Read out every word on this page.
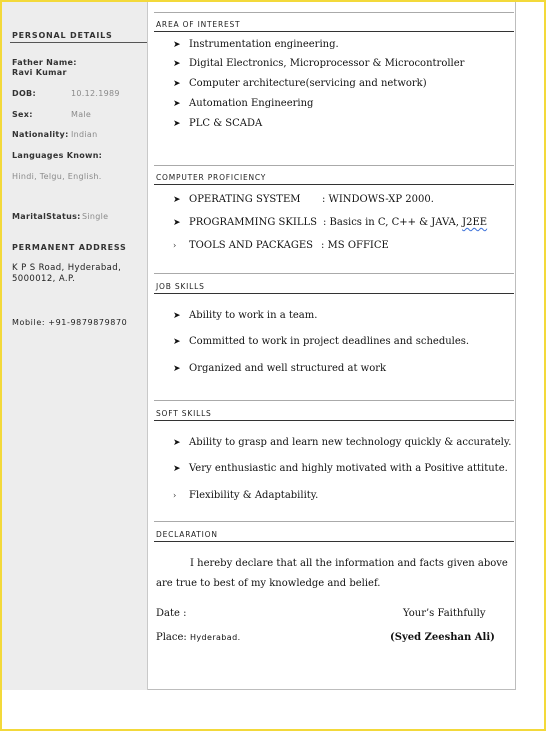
PERSONAL DETAILS
Father Name:
Ravi Kumar
DOB:	10.12.1989
Sex:	Male
Nationality: Indian
Languages Known:
Hindi, Telgu, English.
MaritalStatus: Single
PERMANENT ADDRESS
K P S Road, Hyderabad,
5000012, A.P.
Mobile: +91-9879879870
AREA OF INTEREST
➤ Instrumentation engineering.
➤ Digital Electronics, Microprocessor & Microcontroller
➤ Computer architecture(servicing and network)
➤ Automation Engineering
➤ PLC & SCADA
COMPUTER PROFICIENCY
➤ OPERATING SYSTEM : WINDOWS-XP 2000.
➤ PROGRAMMING SKILLS : Basics in C, C++ & JAVA, J2EE
› TOOLS AND PACKAGES : MS OFFICE
JOB SKILLS
➤ Ability to work in a team.
➤ Committed to work in project deadlines and schedules.
➤ Organized and well structured at work
SOFT SKILLS
➤ Ability to grasp and learn new technology quickly & accurately.
➤ Very enthusiastic and highly motivated with a Positive attitute.
› Flexibility & Adaptability.
DECLARATION
I hereby declare that all the information and facts given above are true to best of my knowledge and belief.
Date :	Your’s Faithfully
Place: Hyderabad.	(Syed Zeeshan Ali)
